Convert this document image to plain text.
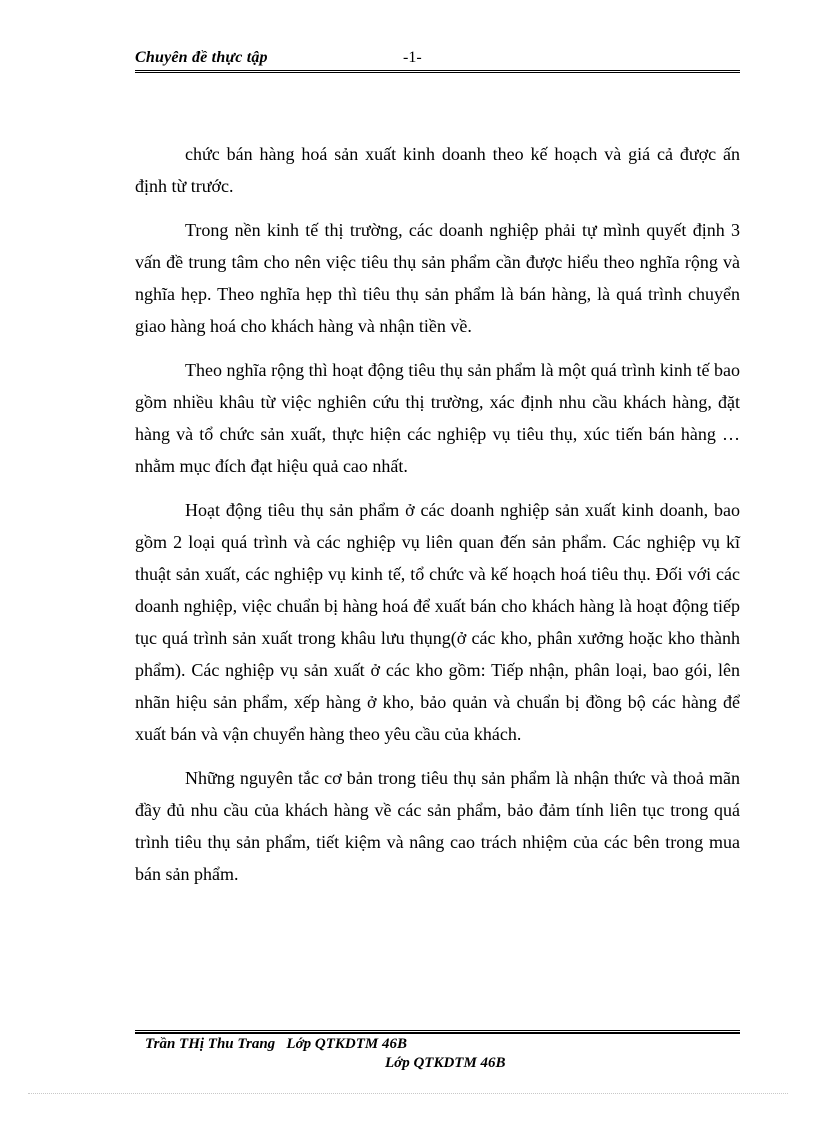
Chuyên đề thực tập	-1-

chức bán hàng hoá sản xuất kinh doanh theo kế hoạch và giá cả được ấn định từ trước.

Trong nền kinh tế thị trường, các doanh nghiệp phải tự mình quyết định 3 vấn đề trung tâm cho nên việc tiêu thụ sản phẩm cần được hiểu theo nghĩa rộng và nghĩa hẹp. Theo nghĩa hẹp thì tiêu thụ sản phẩm là bán hàng, là quá trình chuyển giao hàng hoá cho khách hàng và nhận tiền về.

Theo nghĩa rộng thì hoạt động tiêu thụ sản phẩm là một quá trình kinh tế bao gồm nhiều khâu từ việc nghiên cứu thị trường, xác định nhu cầu khách hàng, đặt hàng và tổ chức sản xuất, thực hiện các nghiệp vụ tiêu thụ, xúc tiến bán hàng …nhằm mục đích đạt hiệu quả cao nhất.

Hoạt động tiêu thụ sản phẩm ở các doanh nghiệp sản xuất kinh doanh, bao gồm 2 loại quá trình và các nghiệp vụ liên quan đến sản phẩm. Các nghiệp vụ kĩ thuật sản xuất, các nghiệp vụ kinh tế, tổ chức và kế hoạch hoá tiêu thụ. Đối với các doanh nghiệp, việc chuẩn bị hàng hoá để xuất bán cho khách hàng là hoạt động tiếp tục quá trình sản xuất trong khâu lưu thụng(ở các kho, phân xưởng hoặc kho thành phẩm). Các nghiệp vụ sản xuất ở các kho gồm: Tiếp nhận, phân loại, bao gói, lên nhãn hiệu sản phẩm, xếp hàng ở kho, bảo quản và chuẩn bị đồng bộ các hàng để xuất bán và vận chuyển hàng theo yêu cầu của khách.

Những nguyên tắc cơ bản trong tiêu thụ sản phẩm là nhận thức và thoả mãn đầy đủ nhu cầu của khách hàng về các sản phẩm, bảo đảm tính liên tục trong quá trình tiêu thụ sản phẩm, tiết kiệm và nâng cao trách nhiệm của các bên trong mua bán sản phẩm.

Trần THị Thu Trang   Lớp QTKDTM 46B
Lớp QTKDTM 46B
